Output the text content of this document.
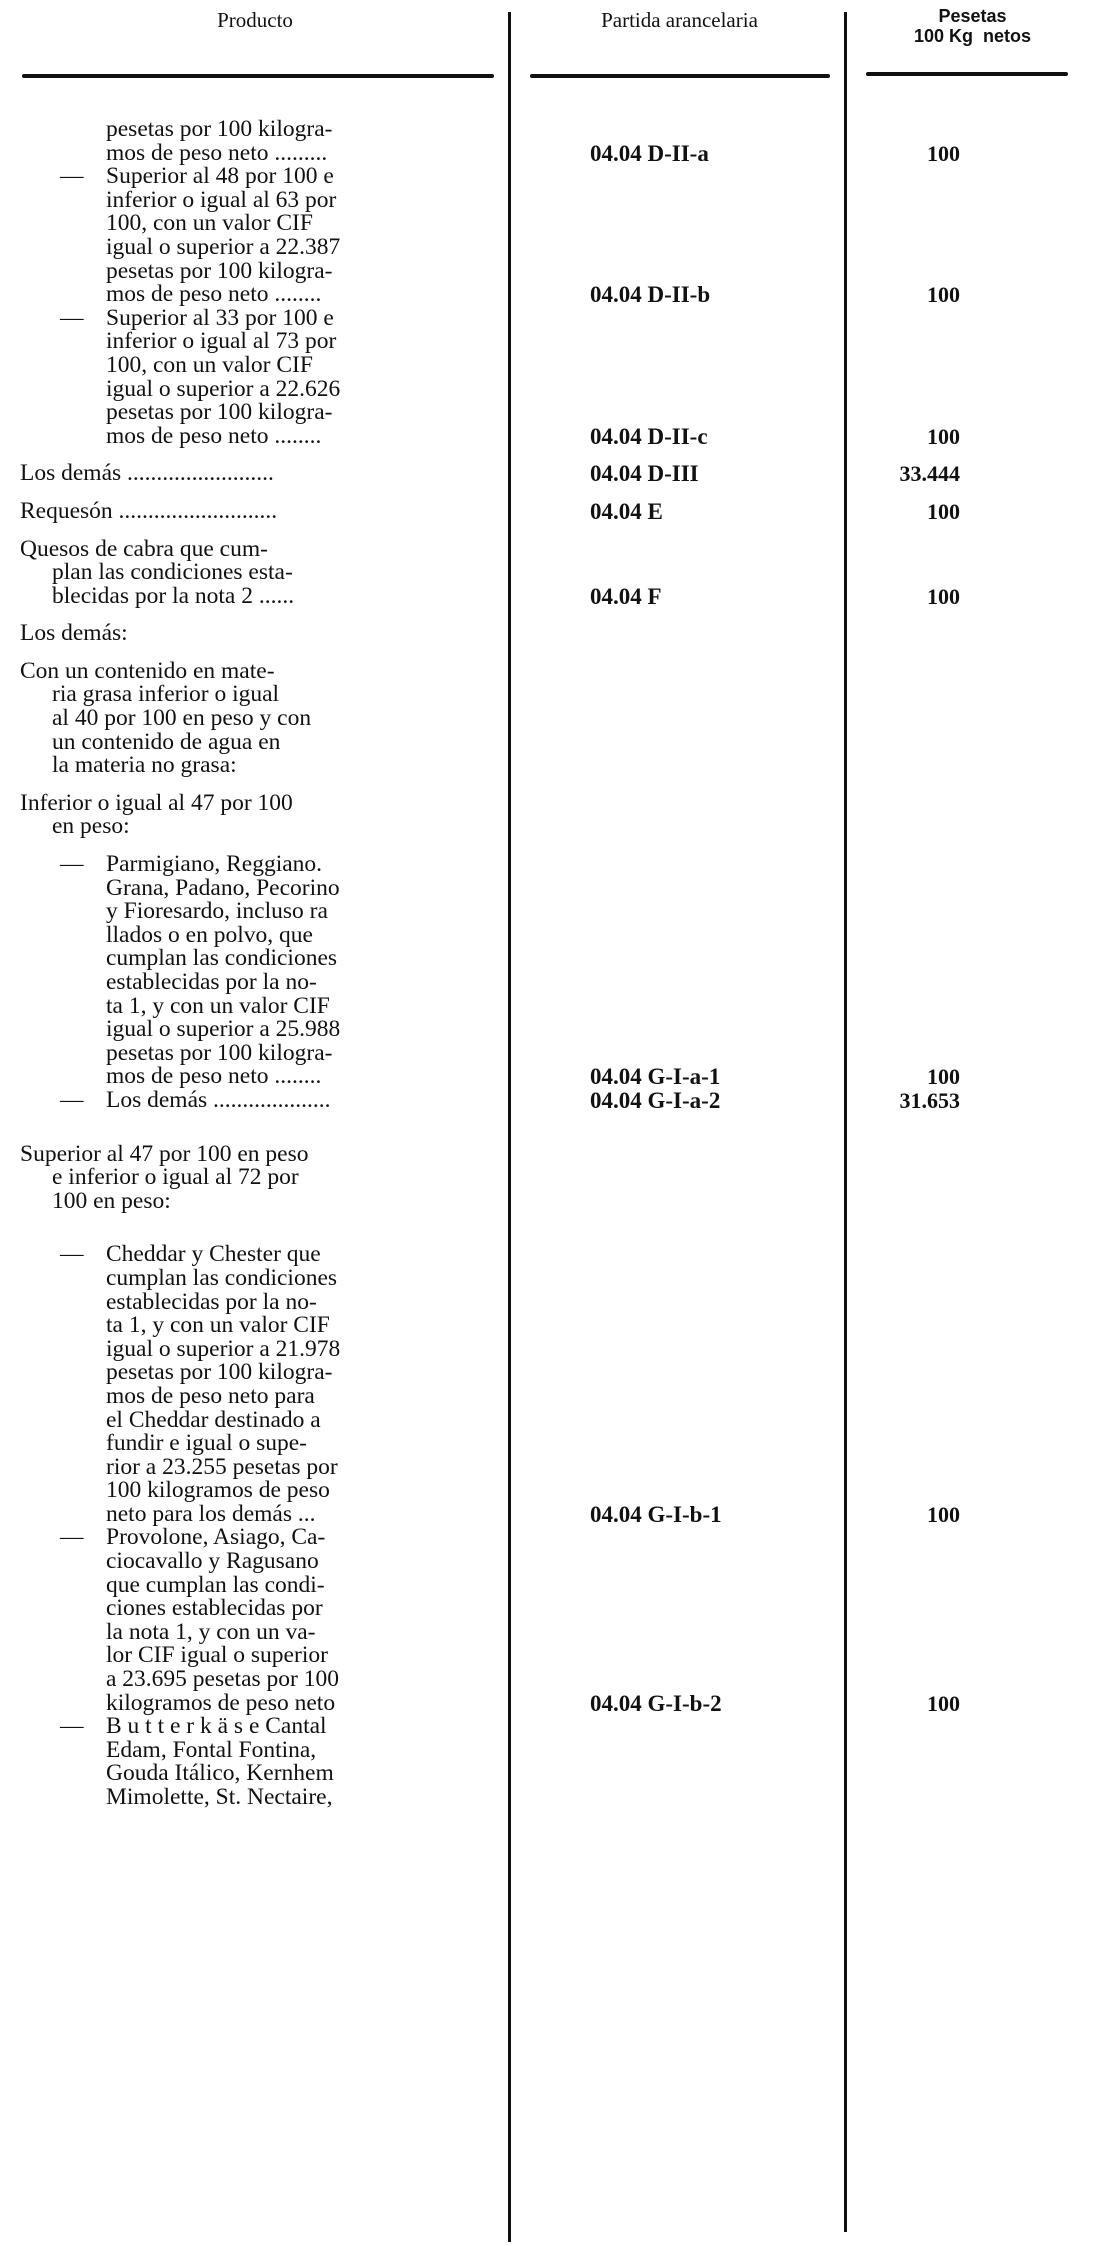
Producto	Partida arancelaria	Pesetas
100 Kg  netos
pesetas por 100 kilogra-
mos de peso neto .........	04.04 D-II-a	100
— Superior al 48 por 100 e
inferior o igual al 63 por
100, con un valor CIF
igual o superior a 22.387
pesetas por 100 kilogra-
mos de peso neto ........	04.04 D-II-b	100
— Superior al 33 por 100 e
inferior o igual al 73 por
100, con un valor CIF
igual o superior a 22.626
pesetas por 100 kilogra-
mos de peso neto ........	04.04 D-II-c	100
Los demás .........................	04.04 D-III	33.444
Requesón ...........................	04.04 E	100
Quesos de cabra que cum-
plan las condiciones esta-
blecidas por la nota 2 ......	04.04 F	100
Los demás:
Con un contenido en mate-
ria grasa inferior o igual
al 40 por 100 en peso y con
un contenido de agua en
la materia no grasa:
Inferior o igual al 47 por 100
en peso:
— Parmigiano, Reggiano.
Grana, Padano, Pecorino
y Fioresardo, incluso ra
llados o en polvo, que
cumplan las condiciones
establecidas por la no-
ta 1, y con un valor CIF
igual o superior a 25.988
pesetas por 100 kilogra-
mos de peso neto ........	04.04 G-I-a-1	100
— Los demás ....................	04.04 G-I-a-2	31.653
Superior al 47 por 100 en peso
e inferior o igual al 72 por
100 en peso:
— Cheddar y Chester que
cumplan las condiciones
establecidas por la no-
ta 1, y con un valor CIF
igual o superior a 21.978
pesetas por 100 kilogra-
mos de peso neto para
el Cheddar destinado a
fundir e igual o supe-
rior a 23.255 pesetas por
100 kilogramos de peso
neto para los demás ...	04.04 G-I-b-1	100
— Provolone, Asiago, Ca-
ciocavallo y Ragusano
que cumplan las condi-
ciones establecidas por
la nota 1, y con un va-
lor CIF igual o superior
a 23.695 pesetas por 100
kilogramos de peso neto	04.04 G-I-b-2	100
— B u t t e r k ä s e Cantal
Edam, Fontal Fontina,
Gouda Itálico, Kernhem
Mimolette, St. Nectaire,
